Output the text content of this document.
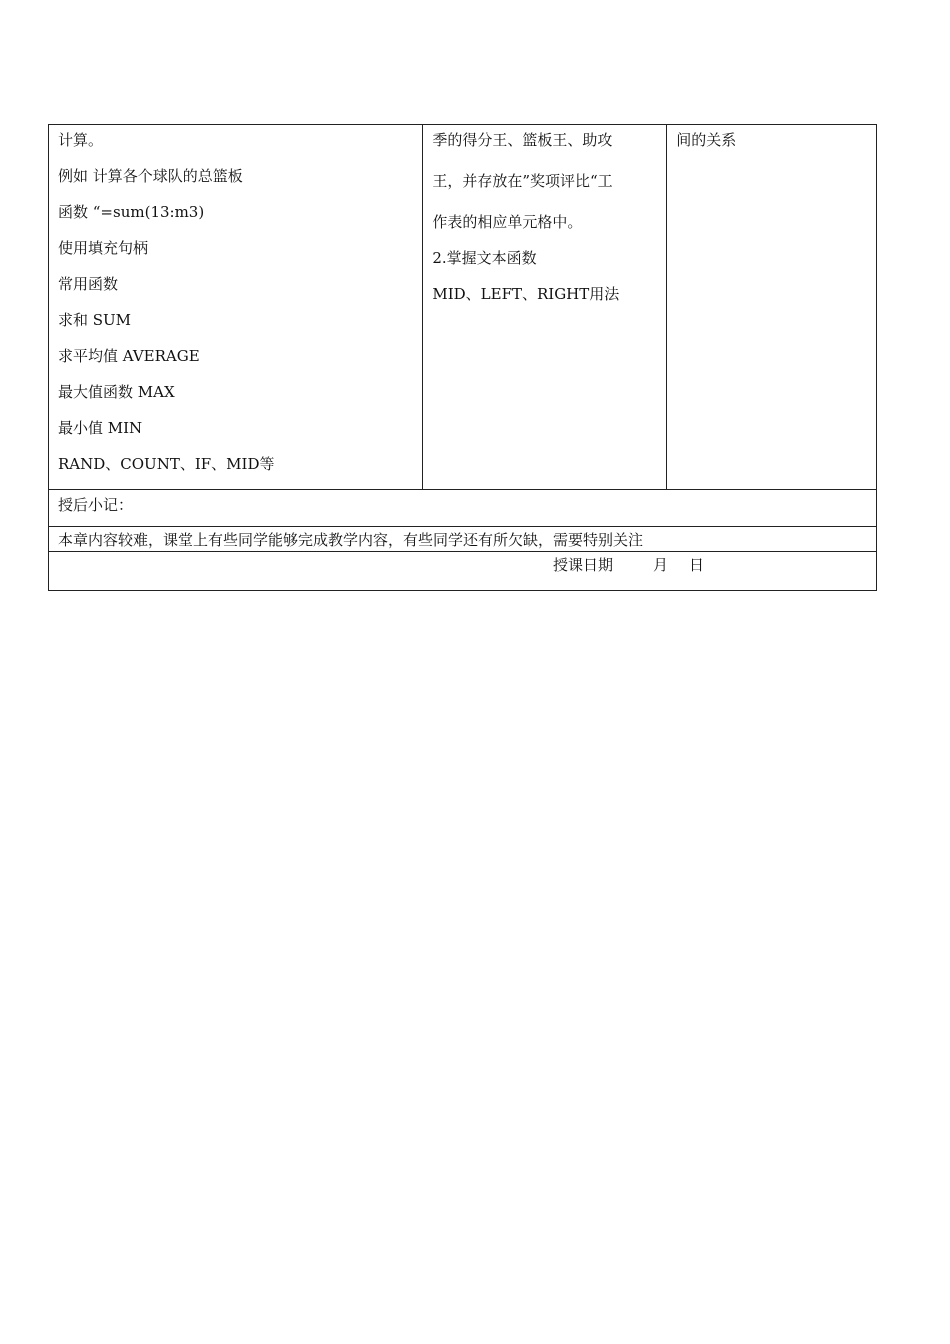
计算。
例如 计算各个球队的总篮板
函数 “=sum(13:m3)
使用填充句柄
常用函数
求和 SUM
求平均值 AVERAGE
最大值函数 MAX
最小值 MIN
RAND、COUNT、IF、MID等

季的得分王、篮板王、助攻
王，并存放在”奖项评比“工
作表的相应单元格中。
2.掌握文本函数
MID、LEFT、RIGHT用法

间的关系

授后小记：

本章内容较难，课堂上有些同学能够完成教学内容，有些同学还有所欠缺，需要特别关注

授课日期	月 日
